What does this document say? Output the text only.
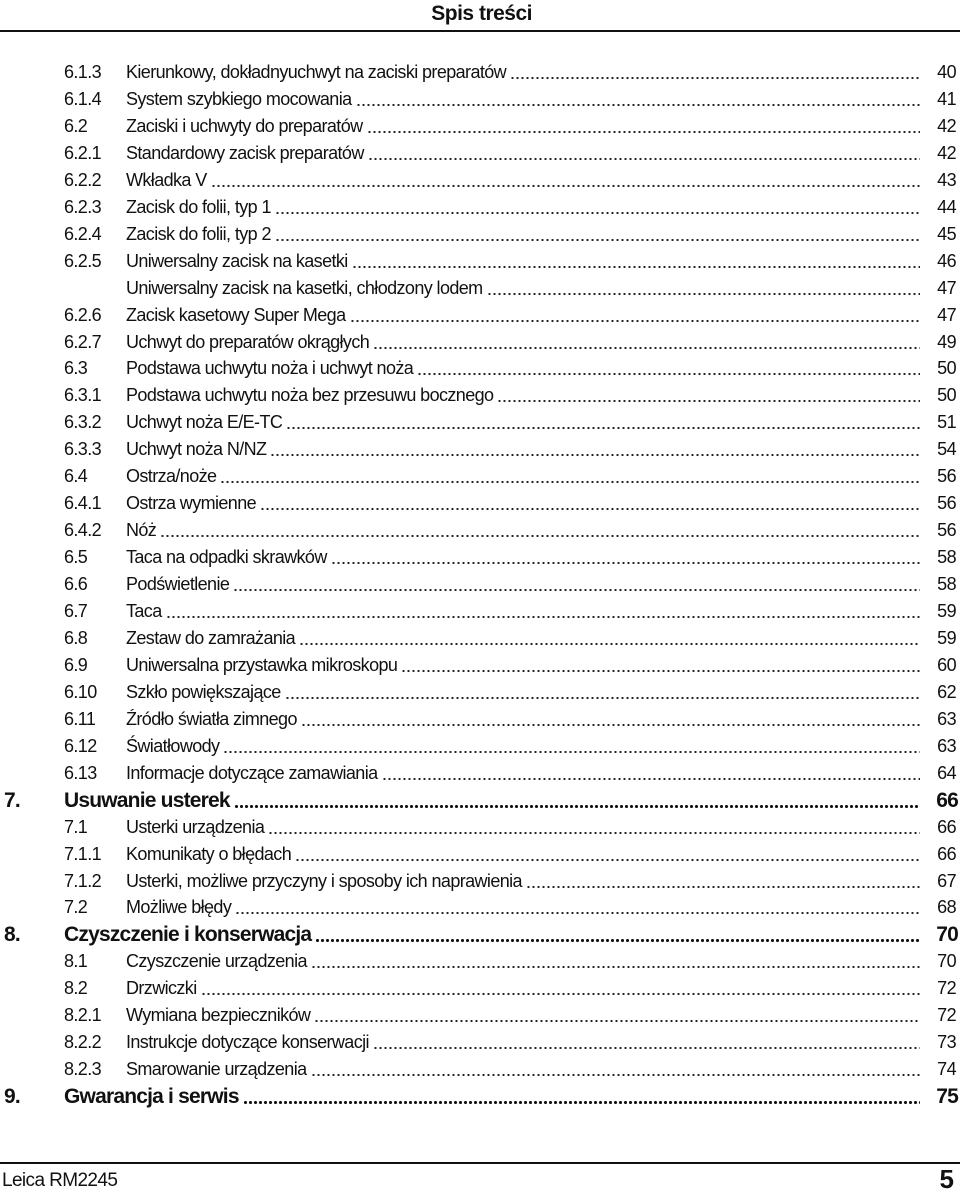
Spis treści
6.1.3	Kierunkowy, dokładnyuchwyt na zaciski preparatów	40
6.1.4	System szybkiego mocowania	41
6.2	Zaciski i uchwyty do preparatów	42
6.2.1	Standardowy zacisk preparatów	42
6.2.2	Wkładka V	43
6.2.3	Zacisk do folii, typ 1	44
6.2.4	Zacisk do folii, typ 2	45
6.2.5	Uniwersalny zacisk na kasetki	46
Uniwersalny zacisk na kasetki, chłodzony lodem	47
6.2.6	Zacisk kasetowy Super Mega	47
6.2.7	Uchwyt do preparatów okrągłych	49
6.3	Podstawa uchwytu noża i uchwyt noża	50
6.3.1	Podstawa uchwytu noża bez przesuwu bocznego	50
6.3.2	Uchwyt noża E/E-TC	51
6.3.3	Uchwyt noża N/NZ	54
6.4	Ostrza/noże	56
6.4.1	Ostrza wymienne	56
6.4.2	Nóż	56
6.5	Taca na odpadki skrawków	58
6.6	Podświetlenie	58
6.7	Taca	59
6.8	Zestaw do zamrażania	59
6.9	Uniwersalna przystawka mikroskopu	60
6.10	Szkło powiększające	62
6.11	Źródło światła zimnego	63
6.12	Światłowody	63
6.13	Informacje dotyczące zamawiania	64
7.	Usuwanie usterek	66
7.1	Usterki urządzenia	66
7.1.1	Komunikaty o błędach	66
7.1.2	Usterki, możliwe przyczyny i sposoby ich naprawienia	67
7.2	Możliwe błędy	68
8.	Czyszczenie i konserwacja	70
8.1	Czyszczenie urządzenia	70
8.2	Drzwiczki	72
8.2.1	Wymiana bezpieczników	72
8.2.2	Instrukcje dotyczące konserwacji	73
8.2.3	Smarowanie urządzenia	74
9.	Gwarancja i serwis	75
Leica RM2245	5
